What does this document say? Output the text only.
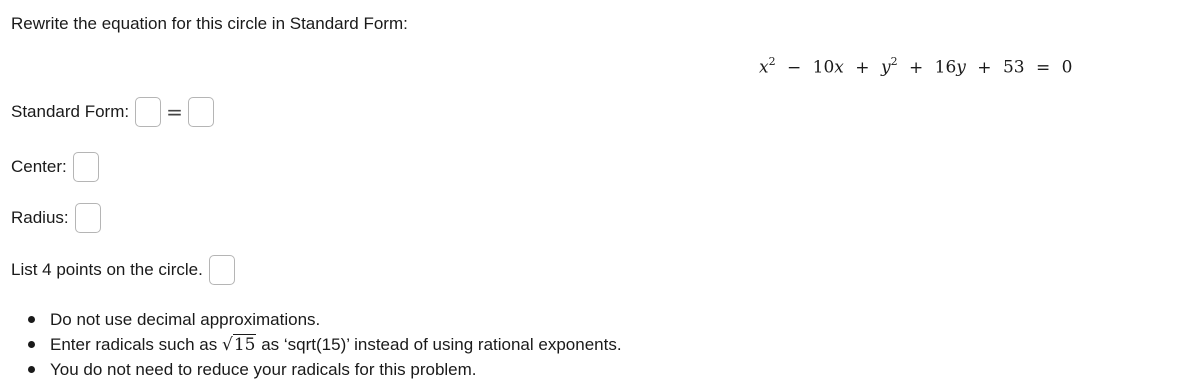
Rewrite the equation for this circle in Standard Form:
$x^2 - 10x + y^2 + 16y + 53 = 0$
Standard Form: =
Center:
Radius:
List 4 points on the circle.
Do not use decimal approximations.
Enter radicals such as √15 as ‘sqrt(15)’ instead of using rational exponents.
You do not need to reduce your radicals for this problem.
